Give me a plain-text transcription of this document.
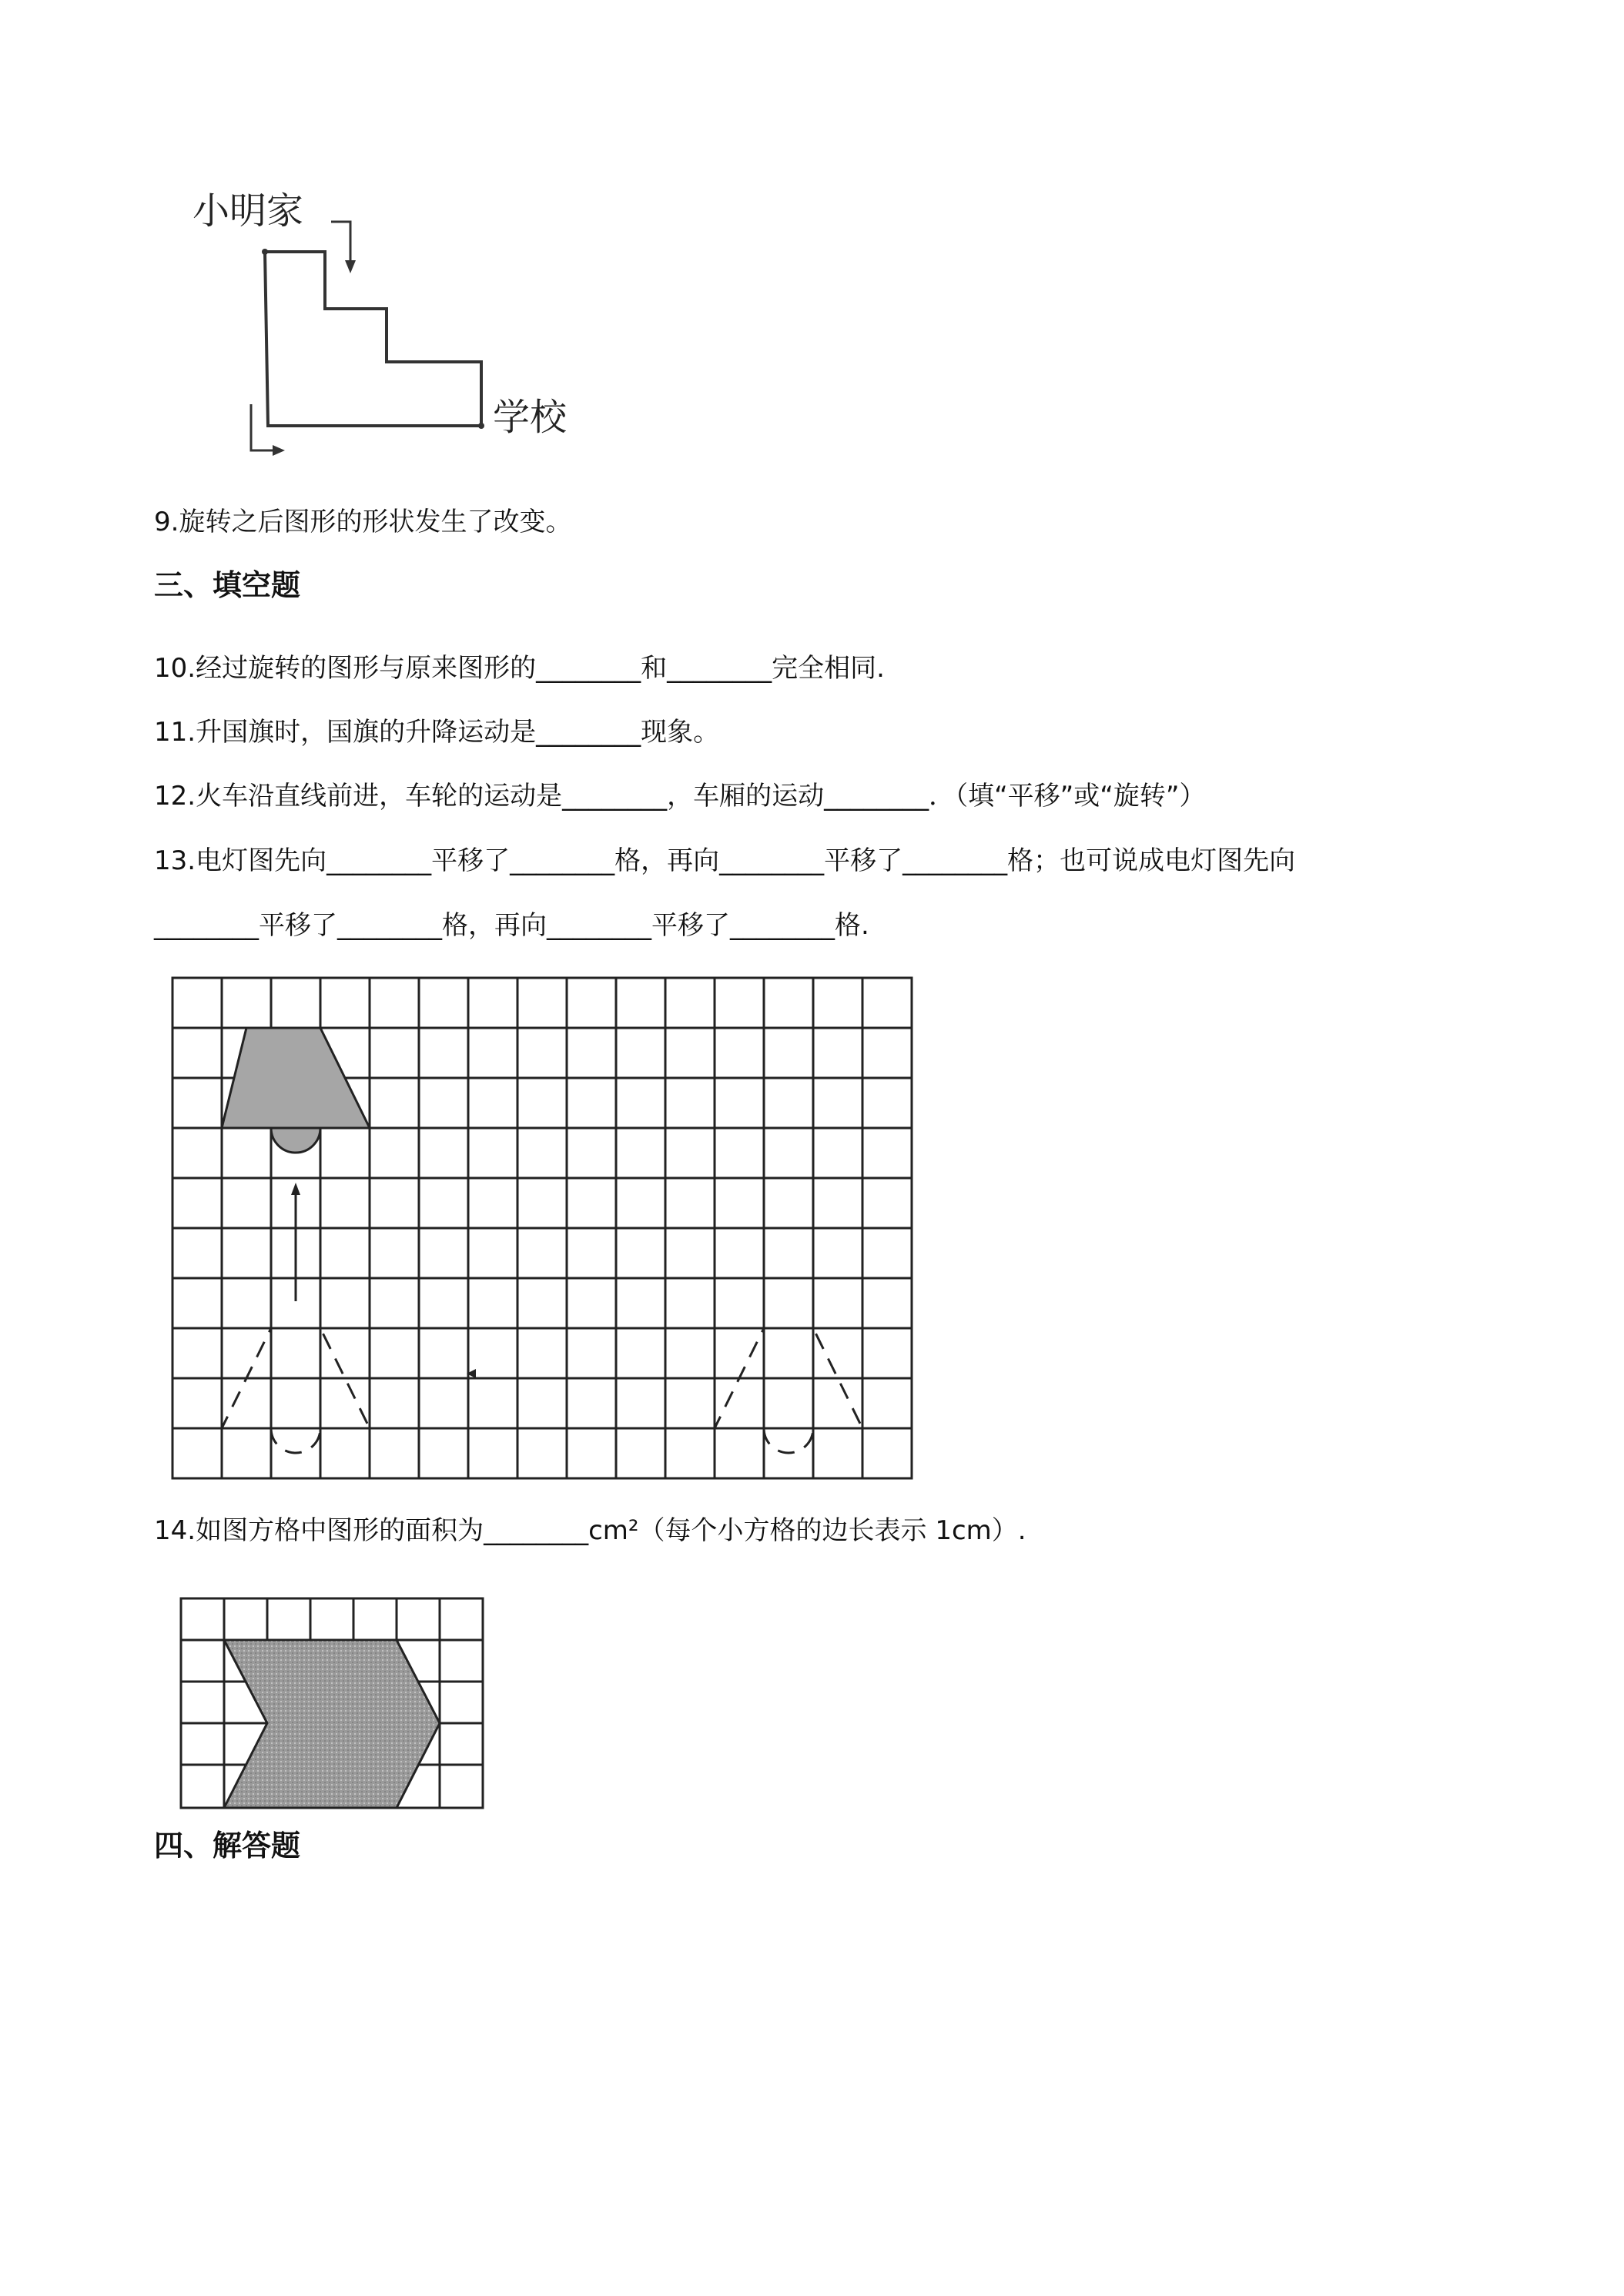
小明家
学校
9.旋转之后图形的形状发生了改变。
三、填空题
10.经过旋转的图形与原来图形的________和________完全相同.
11.升国旗时，国旗的升降运动是________现象。
12.火车沿直线前进，车轮的运动是________，车厢的运动________．（填“平移”或“旋转”）
13.电灯图先向________平移了________格，再向________平移了________格；也可说成电灯图先向
________平移了________格，再向________平移了________格.
14.如图方格中图形的面积为________cm²（每个小方格的边长表示 1cm）.
四、解答题
